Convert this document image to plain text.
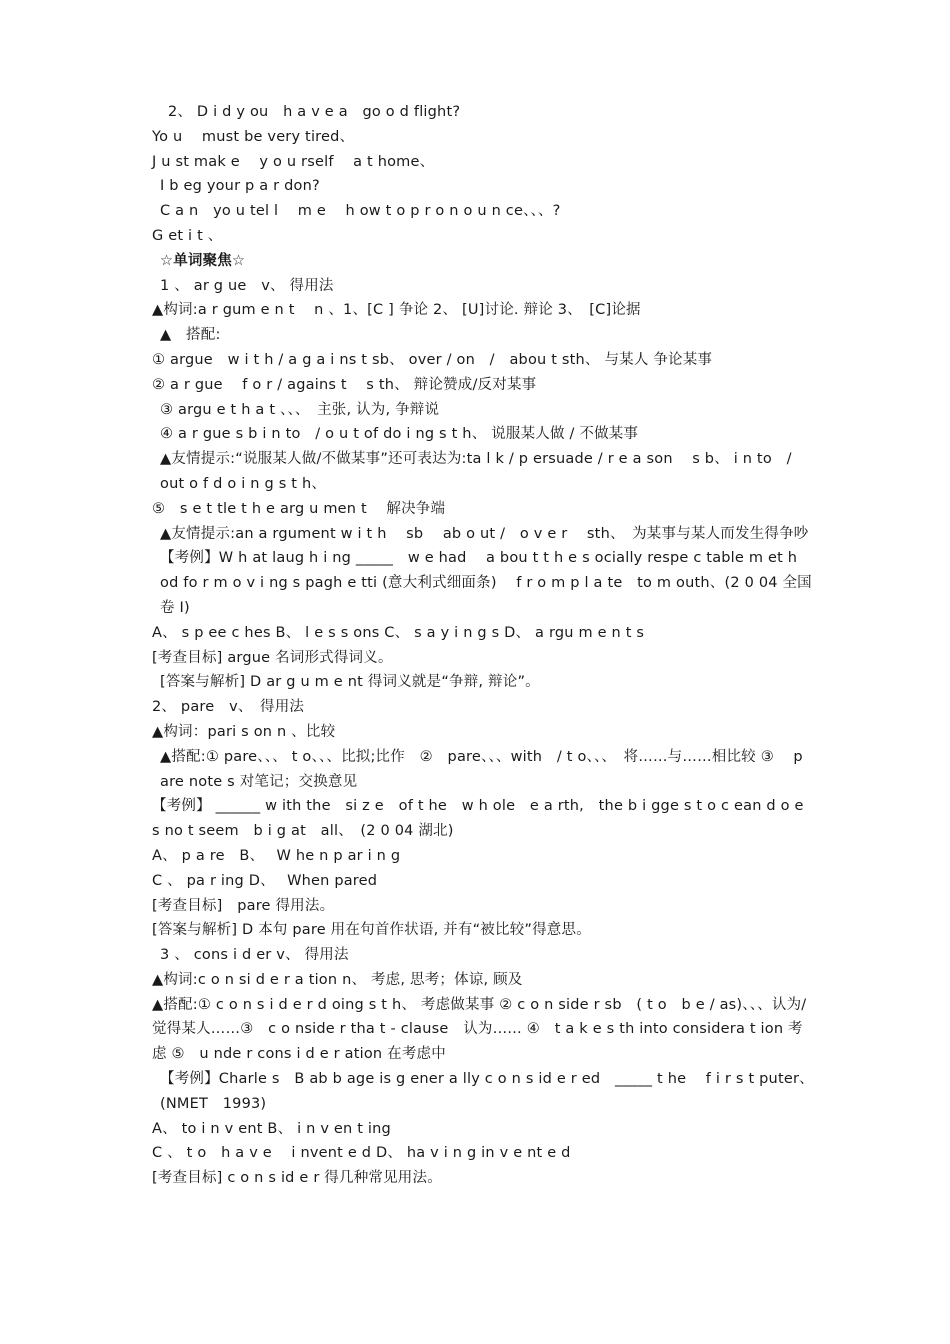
2、 D i d y ou　h a v e a　go o d flight?
Yo u　 must be very tired、
J u st mak e　 y o u rself　 a t home、
I b eg your p a r don?
C a n　yo u tel l　 m e　 h ow t o p r o n o u n ce、、、?
G et i t 、
☆单词聚焦☆
1 、 ar g ue　v、 得用法
▲构词:a r gum e n t　 n 、1、[C ] 争论 2、 [U]讨论. 辩论 3、　[C]论据
▲　搭配:
① argue　w i t h / a g a i ns t sb、 over / on　/　abou t sth、 与某人 争论某事
② a r gue　 f o r / agains t　 s th、 辩论赞成/反对某事
③ argu e t h a t 、、、　主张, 认为, 争辩说
④ a r gue s b i n to　/ o u t of do i ng s t h、 说服某人做 / 不做某事
▲友情提示:“说服某人做/不做某事”还可表达为:ta l k / p ersuade / r e a son　 s b、 i n to　/　out o f d o i n g s t h、
⑤　s e t tle t h e arg u men t　 解决争端
▲友情提示:an a rgument w i t h　 sb　 ab o ut /　o v e r　 sth、　为某事与某人而发生得争吵
【考例】W h at laug h i ng _____　w e had　 a bou t t h e s ocially respe c table m et h od fo r m o v i ng s pagh e tti (意大利式细面条)　 f r o m p l a te　to m outh、(2 0 04 全国卷 I)
A、 s p ee c hes B、 l e s s ons C、 s a y i n g s D、 a rgu m e n t s
[考查目标] argue 名词形式得词义。
[答案与解析] D ar g u m e nt 得词义就是“争辩, 辩论”。
2、 pare　v、　得用法
▲构词：pari s on n 、比较
▲搭配:① pare、、、 t o、、、比拟;比作　②　pare、、、with　/ t o、、、　将……与……相比较 ③　 p are note s 对笔记；交换意见
【考例】 ______ w ith the　si z e　of t he　w h ole　e a rth,　the b i gge s t o c ean d o e s no t seem　b i g at　all、　(2 0 04 湖北)
A、 p a re　B、　 W he n p ar i n g
C 、 pa r ing D、　 When pared
[考查目标]　pare 得用法。
[答案与解析] D 本句 pare 用在句首作状语, 并有“被比较”得意思。
3 、 cons i d er v、 得用法
▲构词:c o n si d e r a tion n、 考虑, 思考；体谅, 顾及
▲搭配:① c o n s i d e r d oing s t h、 考虑做某事 ② c o n side r sb　( t o　b e / as)、、、认为/觉得某人……③　c o nside r tha t - clause　认为…… ④　t a k e s th into considera t ion 考虑 ⑤　u nde r cons i d e r ation 在考虑中
【考例】Charle s　B ab b age is g ener a lly c o n s id e r ed　_____ t he　 f i r s t puter、 (NMET　1993)
A、 to i n v ent B、 i n v en t ing
C 、 t o　h a v e　 i nvent e d D、 ha v i n g in v e nt e d
[考查目标] c o n s id e r 得几种常见用法。
